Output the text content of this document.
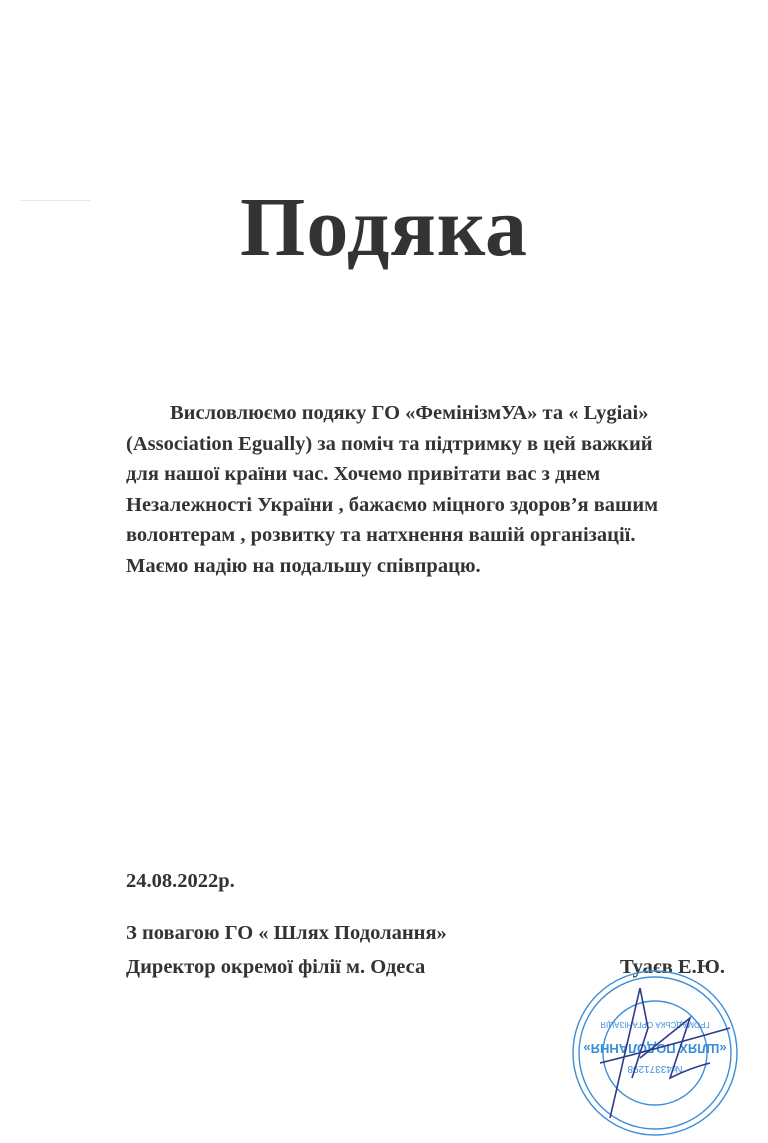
Подяка
Висловлюємо подяку ГО «ФемінізмУА» та « Lygiai»
(Association Egually) за поміч та підтримку в цей важкий
для нашої країни час. Хочемо привітати вас з днем
Незалежності України , бажаємо міцного здоров’я вашим
волонтерам , розвитку та натхнення вашій організації.
Маємо надію на подальшу співпрацю.
24.08.2022р.
З повагою ГО « Шлях Подолання»
Директор окремої філії м. Одеса	Туаєв Е.Ю.
«ШЛЯХ ПОДОЛАННЯ»
№43371298
ГРОМАДСЬКА ОРГАНІЗАЦІЯ
